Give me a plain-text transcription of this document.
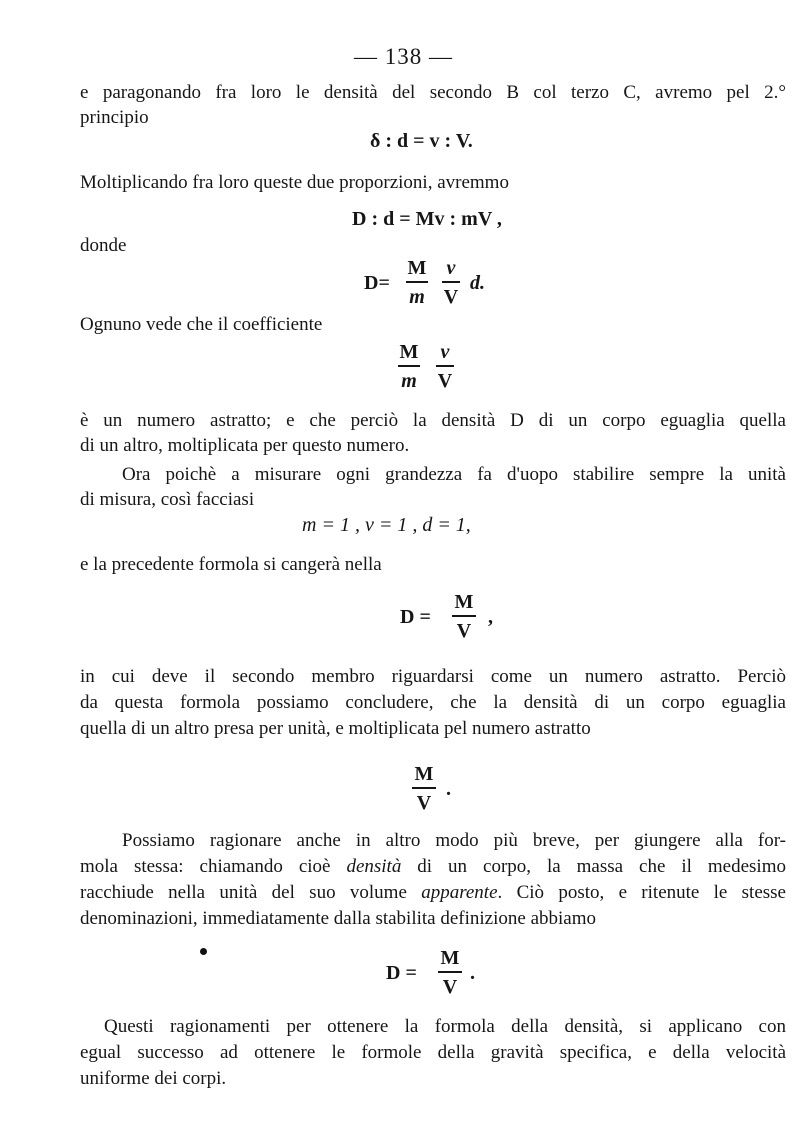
— 138 —
e paragonando fra loro le densità del secondo B col terzo C, avremo pel 2.°
principio
δ : d = v : V.
Moltiplicando fra loro queste due proporzioni, avremmo
D : d = Mv : mV ,
donde
D=
M
m
v
V
d.
Ognuno vede che il coefficiente
M
m
v
V
è un numero astratto; e che perciò la densità D di un corpo eguaglia quella
di un altro, moltiplicata per questo numero.
Ora poichè a misurare ogni grandezza fa d'uopo stabilire sempre la unità
di misura, così facciasi
m = 1 , v = 1 , d = 1,
e la precedente formola si cangerà nella
D =
M
V
,
in cui deve il secondo membro riguardarsi come un numero astratto. Perciò
da questa formola possiamo concludere, che la densità di un corpo eguaglia
quella di un altro presa per unità, e moltiplicata pel numero astratto
M
V
.
Possiamo ragionare anche in altro modo più breve, per giungere alla for-
mola stessa: chiamando cioè densità di un corpo, la massa che il medesimo
racchiude nella unità del suo volume apparente. Ciò posto, e ritenute le stesse
denominazioni, immediatamente dalla stabilita definizione abbiamo
D =
M
V
.
Questi ragionamenti per ottenere la formola della densità, si applicano con
egual successo ad ottenere le formole della gravità specifica, e della velocità
uniforme dei corpi.
